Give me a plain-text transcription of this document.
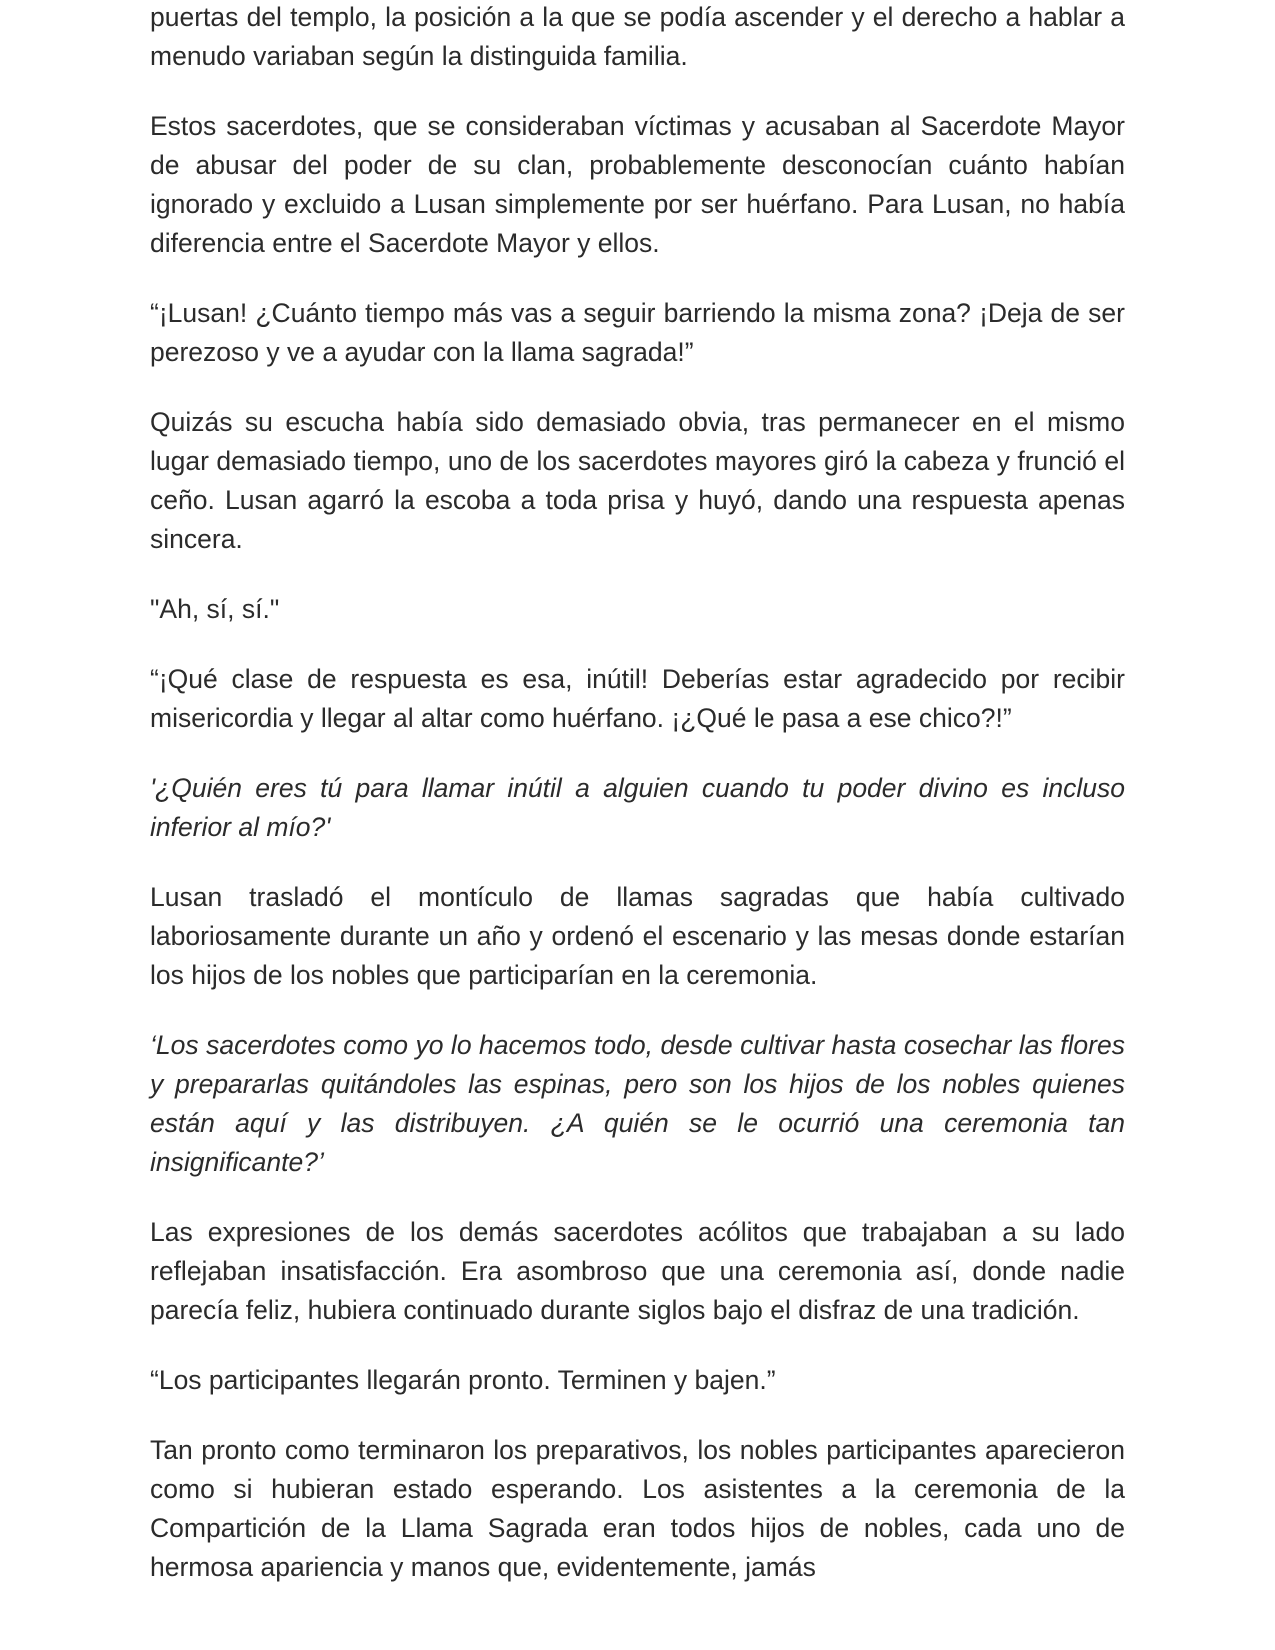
puertas del templo, la posición a la que se podía ascender y el derecho a hablar a menudo variaban según la distinguida familia.

Estos sacerdotes, que se consideraban víctimas y acusaban al Sacerdote Mayor de abusar del poder de su clan, probablemente desconocían cuánto habían ignorado y excluido a Lusan simplemente por ser huérfano. Para Lusan, no había diferencia entre el Sacerdote Mayor y ellos.

“¡Lusan! ¿Cuánto tiempo más vas a seguir barriendo la misma zona? ¡Deja de ser perezoso y ve a ayudar con la llama sagrada!”

Quizás su escucha había sido demasiado obvia, tras permanecer en el mismo lugar demasiado tiempo, uno de los sacerdotes mayores giró la cabeza y frunció el ceño. Lusan agarró la escoba a toda prisa y huyó, dando una respuesta apenas sincera.

"Ah, sí, sí."

“¡Qué clase de respuesta es esa, inútil! Deberías estar agradecido por recibir misericordia y llegar al altar como huérfano. ¡¿Qué le pasa a ese chico?!”

'¿Quién eres tú para llamar inútil a alguien cuando tu poder divino es incluso inferior al mío?'

Lusan trasladó el montículo de llamas sagradas que había cultivado laboriosamente durante un año y ordenó el escenario y las mesas donde estarían los hijos de los nobles que participarían en la ceremonia.

‘Los sacerdotes como yo lo hacemos todo, desde cultivar hasta cosechar las flores y prepararlas quitándoles las espinas, pero son los hijos de los nobles quienes están aquí y las distribuyen. ¿A quién se le ocurrió una ceremonia tan insignificante?’

Las expresiones de los demás sacerdotes acólitos que trabajaban a su lado reflejaban insatisfacción. Era asombroso que una ceremonia así, donde nadie parecía feliz, hubiera continuado durante siglos bajo el disfraz de una tradición.

“Los participantes llegarán pronto. Terminen y bajen.”

Tan pronto como terminaron los preparativos, los nobles participantes aparecieron como si hubieran estado esperando. Los asistentes a la ceremonia de la Compartición de la Llama Sagrada eran todos hijos de nobles, cada uno de hermosa apariencia y manos que, evidentemente, jamás
